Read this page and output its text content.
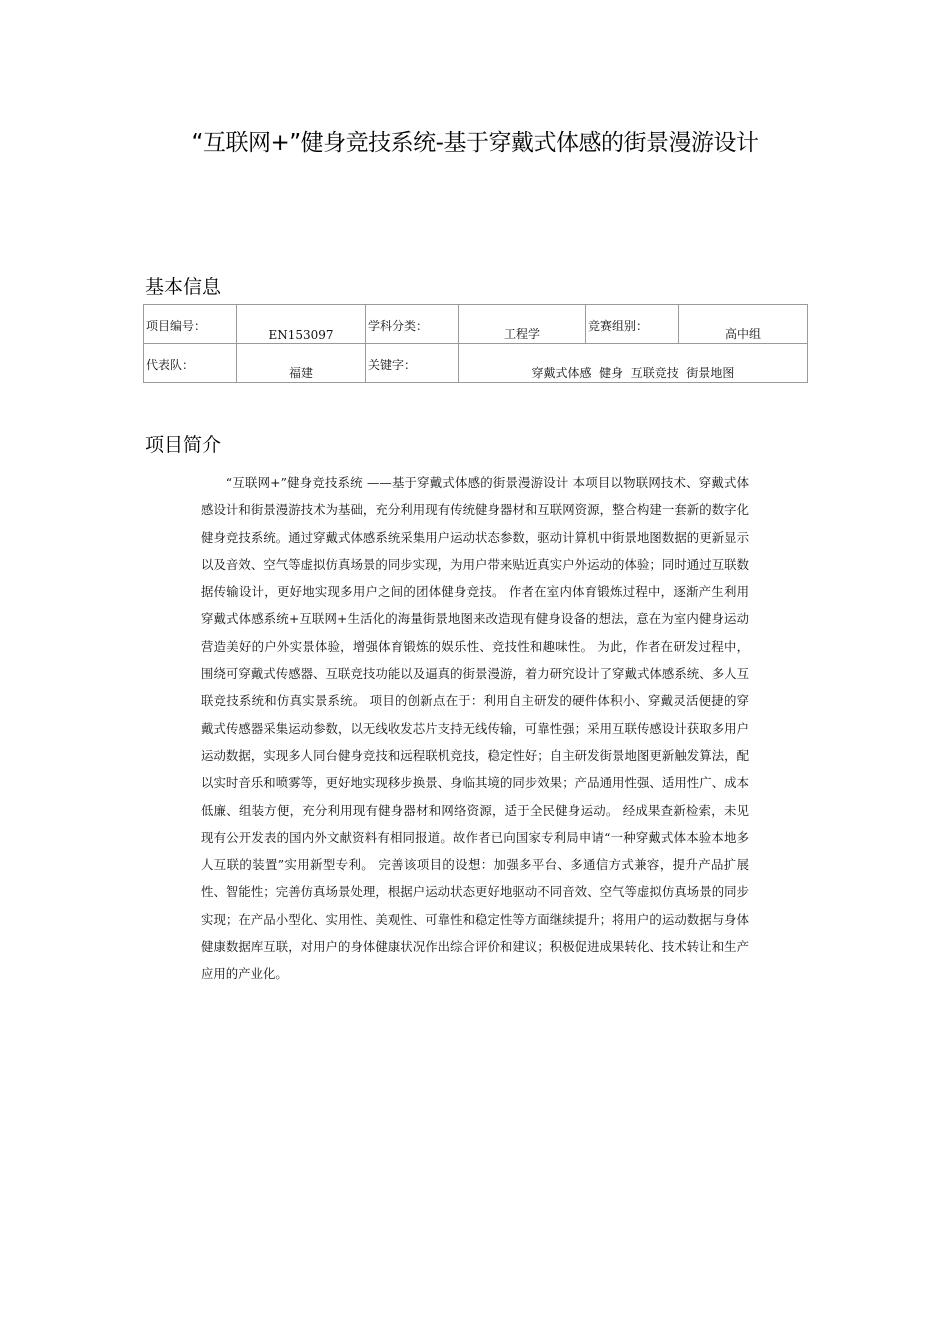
“互联网+”健身竞技系统-基于穿戴式体感的街景漫游设计
基本信息
项目编号：	EN153097	学科分类：	工程学	竞赛组别：	高中组

代表队：	福建	关键字：	穿戴式体感  健身  互联竞技  街景地图		
项目简介
“互联网+”健身竞技系统 ——基于穿戴式体感的街景漫游设计 本项目以物联网技术、穿戴式体感设计和街景漫游技术为基础，充分利用现有传统健身器材和互联网资源，整合构建一套新的数字化健身竞技系统。通过穿戴式体感系统采集用户运动状态参数，驱动计算机中街景地图数据的更新显示以及音效、空气等虚拟仿真场景的同步实现，为用户带来贴近真实户外运动的体验；同时通过互联数据传输设计，更好地实现多用户之间的团体健身竞技。 作者在室内体育锻炼过程中，逐渐产生利用穿戴式体感系统+互联网+生活化的海量街景地图来改造现有健身设备的想法，意在为室内健身运动营造美好的户外实景体验，增强体育锻炼的娱乐性、竞技性和趣味性。 为此，作者在研发过程中，围绕可穿戴式传感器、互联竞技功能以及逼真的街景漫游，着力研究设计了穿戴式体感系统、多人互联竞技系统和仿真实景系统。 项目的创新点在于：利用自主研发的硬件体积小、穿戴灵活便捷的穿戴式传感器采集运动参数，以无线收发芯片支持无线传输，可靠性强；采用互联传感设计获取多用户运动数据，实现多人同台健身竞技和远程联机竞技，稳定性好；自主研发街景地图更新触发算法，配以实时音乐和喷雾等，更好地实现移步换景、身临其境的同步效果；产品通用性强、适用性广、成本低廉、组装方便，充分利用现有健身器材和网络资源，适于全民健身运动。 经成果查新检索，未见现有公开发表的国内外文献资料有相同报道。故作者已向国家专利局申请“一种穿戴式体本验本地多人互联的装置”实用新型专利。 完善该项目的设想：加强多平台、多通信方式兼容，提升产品扩展性、智能性；完善仿真场景处理，根据户运动状态更好地驱动不同音效、空气等虚拟仿真场景的同步实现；在产品小型化、实用性、美观性、可靠性和稳定性等方面继续提升；将用户的运动数据与身体健康数据库互联，对用户的身体健康状况作出综合评价和建议；积极促进成果转化、技术转让和生产应用的产业化。
